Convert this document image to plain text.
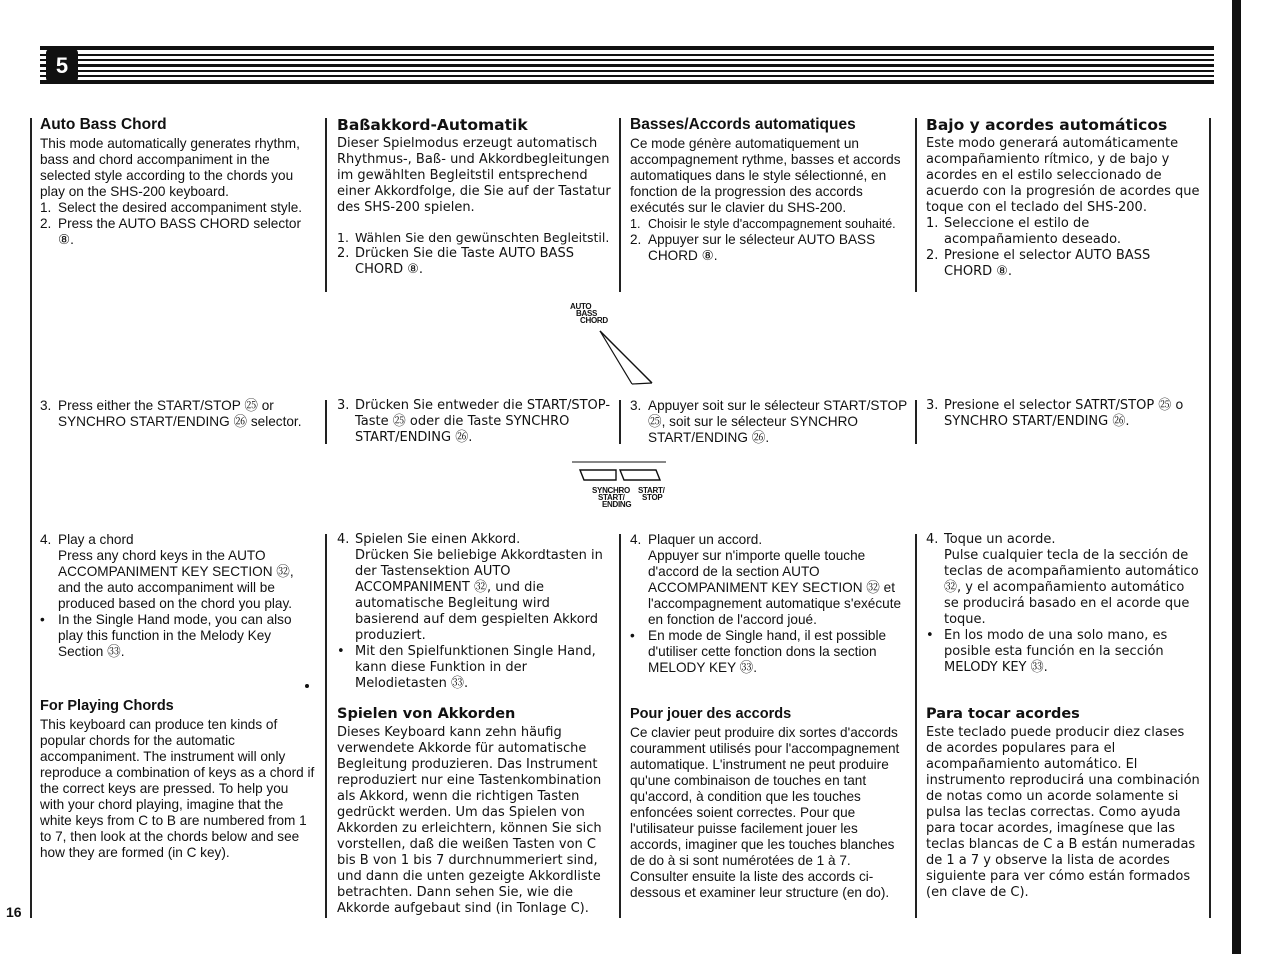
5
Auto Bass Chord

This mode automatically generates rhythm, bass and chord accompaniment in the selected style according to the chords you play on the SHS-200 keyboard.

1. Select the desired accompaniment style.
2. Press the AUTO BASS CHORD selector ⑧.
3. Press either the START/STOP ㉕ or SYNCHRO START/ENDING ㉖ selector.
4. Play a chord

Press any chord keys in the AUTO ACCOMPANIMENT KEY SECTION ㉜, and the auto accompaniment will be produced based on the chord you play.

• In the Single Hand mode, you can also play this function in the Melody Key Section ㉝.
For Playing Chords

This keyboard can produce ten kinds of popular chords for the automatic accompaniment. The instrument will only reproduce a combination of keys as a chord if the correct keys are pressed. To help you with your chord playing, imagine that the white keys from C to B are numbered from 1 to 7, then look at the chords below and see how they are formed (in C key).

Baßakkord-Automatik

Dieser Spielmodus erzeugt automatisch Rhythmus-, Baß- und Akkordbegleitungen im gewählten Begleitstil entsprechend einer Akkordfolge, die Sie auf der Tastatur des SHS-200 spielen.

1. Wählen Sie den gewünschten Begleitstil.
2. Drücken Sie die Taste AUTO BASS CHORD ⑧.
3. Drücken Sie entweder die START/STOP-Taste ㉕ oder die Taste SYNCHRO START/ENDING ㉖.
4. Spielen Sie einen Akkord.

Drücken Sie beliebige Akkordtasten in der Tastensektion AUTO ACCOMPANIMENT ㉜, und die automatische Begleitung wird basierend auf dem gespielten Akkord produziert.

• Mit den Spielfunktionen Single Hand, kann diese Funktion in der Melodietasten ㉝.
Spielen von Akkorden

Dieses Keyboard kann zehn häufig verwendete Akkorde für automatische Begleitung produzieren. Das Instrument reproduziert nur eine Tastenkombination als Akkord, wenn die richtigen Tasten gedrückt werden. Um das Spielen von Akkorden zu erleichtern, können Sie sich vorstellen, daß die weißen Tasten von C bis B von 1 bis 7 durchnummeriert sind, und dann die unten gezeigte Akkordliste betrachten. Dann sehen Sie, wie die Akkorde aufgebaut sind (in Tonlage C).

Basses/Accords automatiques

Ce mode génère automatiquement un accompagnement rythme, basses et accords automatiques dans le style sélectionné, en fonction de la progression des accords exécutés sur le clavier du SHS-200.

1. Choisir le style d'accompagnement souhaité.
2. Appuyer sur le sélecteur AUTO BASS CHORD ⑧.
3. Appuyer soit sur le sélecteur START/STOP ㉕, soit sur le sélecteur SYNCHRO START/ENDING ㉖.
4. Plaquer un accord.

Appuyer sur n'importe quelle touche d'accord de la section AUTO ACCOMPANIMENT KEY SECTION ㉜ et l'accompagnement automatique s'exécute en fonction de l'accord joué.

• En mode de Single hand, il est possible d'utiliser cette fonction dons la section MELODY KEY ㉝.
Pour jouer des accords

Ce clavier peut produire dix sortes d'accords couramment utilisés pour l'accompagnement automatique. L'instrument ne peut produire qu'une combinaison de touches en tant qu'accord, à condition que les touches enfoncées soient correctes. Pour que l'utilisateur puisse facilement jouer les accords, imaginer que les touches blanches de do à si sont numérotées de 1 à 7. Consulter ensuite la liste des accords ci-dessous et examiner leur structure (en do).

Bajo y acordes automáticos

Este modo generará automáticamente acompañamiento rítmico, y de bajo y acordes en el estilo seleccionado de acuerdo con la progresión de acordes que toque con el teclado del SHS-200.

1. Seleccione el estilo de acompañamiento deseado.
2. Presione el selector AUTO BASS CHORD ⑧.
3. Presione el selector SATRT/STOP ㉕ o SYNCHRO START/ENDING ㉖.
4. Toque un acorde.

Pulse cualquier tecla de la sección de teclas de acompañamiento automático ㉜, y el acompañamiento automático se producirá basado en el acorde que toque.

• En los modo de una solo mano, es posible esta función en la sección MELODY KEY ㉝.
Para tocar acordes

Este teclado puede producir diez clases de acordes populares para el acompañamiento automático. El instrumento reproducirá una combinación de notas como un acorde solamente si pulsa las teclas correctas. Como ayuda para tocar acordes, imagínese que las teclas blancas de C a B están numeradas de 1 a 7 y observe la lista de acordes siguiente para ver cómo están formados (en clave de C).

AUTO
BASS
CHORD
SYNCHRO
START/
ENDING
START/
STOP
16
